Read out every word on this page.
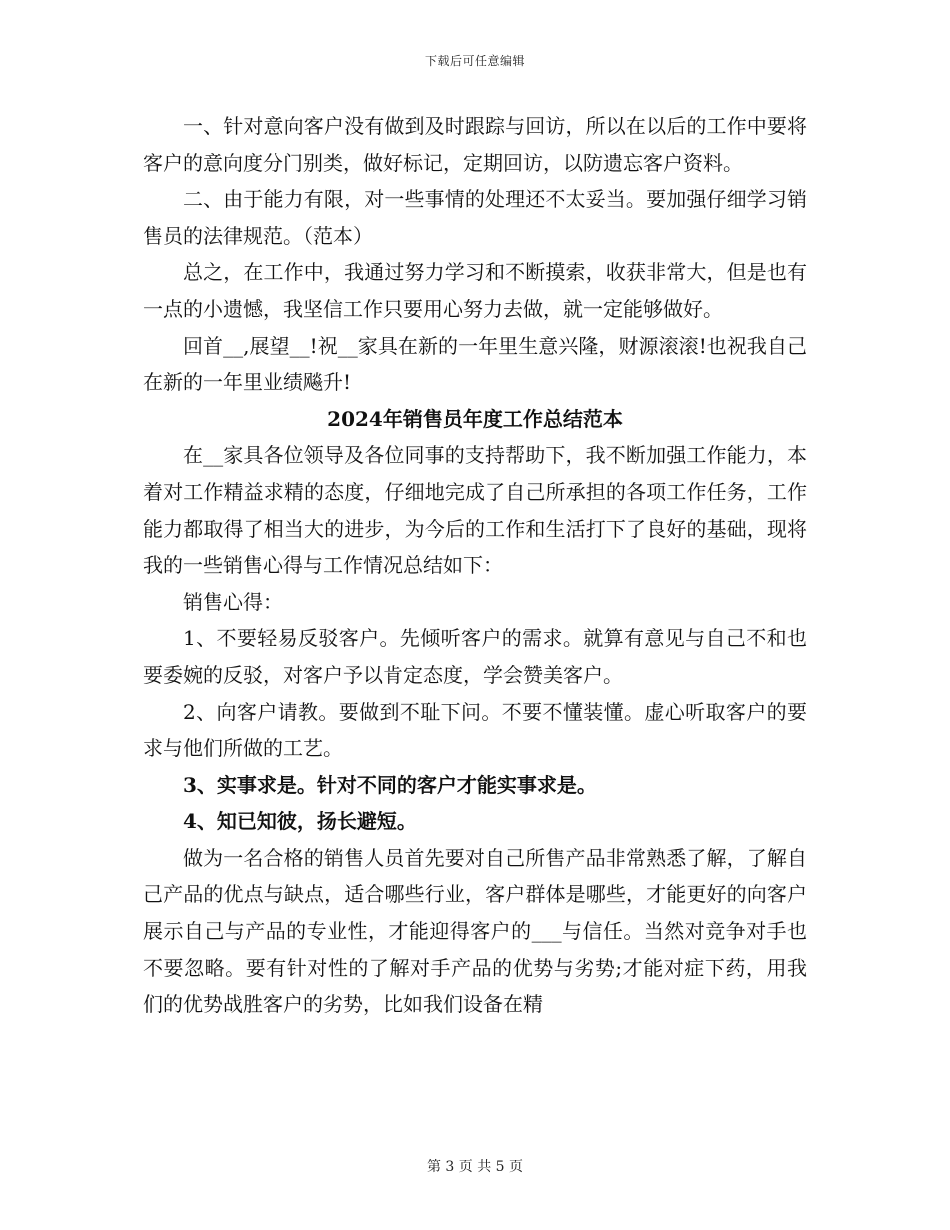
下载后可任意编辑

一、针对意向客户没有做到及时跟踪与回访，所以在以后的工作中要将客户的意向度分门别类，做好标记，定期回访，以防遗忘客户资料。

二、由于能力有限，对一些事情的处理还不太妥当。要加强仔细学习销售员的法律规范。（范本）

总之，在工作中，我通过努力学习和不断摸索，收获非常大，但是也有一点的小遗憾，我坚信工作只要用心努力去做，就一定能够做好。

回首__,展望__!祝__家具在新的一年里生意兴隆，财源滚滚!也祝我自己在新的一年里业绩飚升!

2024年销售员年度工作总结范本

在__家具各位领导及各位同事的支持帮助下，我不断加强工作能力，本着对工作精益求精的态度，仔细地完成了自己所承担的各项工作任务，工作能力都取得了相当大的进步，为今后的工作和生活打下了良好的基础，现将我的一些销售心得与工作情况总结如下：

销售心得：

1、不要轻易反驳客户。先倾听客户的需求。就算有意见与自己不和也要委婉的反驳，对客户予以肯定态度，学会赞美客户。

2、向客户请教。要做到不耻下问。不要不懂装懂。虚心听取客户的要求与他们所做的工艺。

3、实事求是。针对不同的客户才能实事求是。

4、知已知彼，扬长避短。

做为一名合格的销售人员首先要对自己所售产品非常熟悉了解，了解自己产品的优点与缺点，适合哪些行业，客户群体是哪些，才能更好的向客户展示自己与产品的专业性，才能迎得客户的___与信任。当然对竞争对手也不要忽略。要有针对性的了解对手产品的优势与劣势;才能对症下药，用我们的优势战胜客户的劣势，比如我们设备在精

第 3 页 共 5 页
